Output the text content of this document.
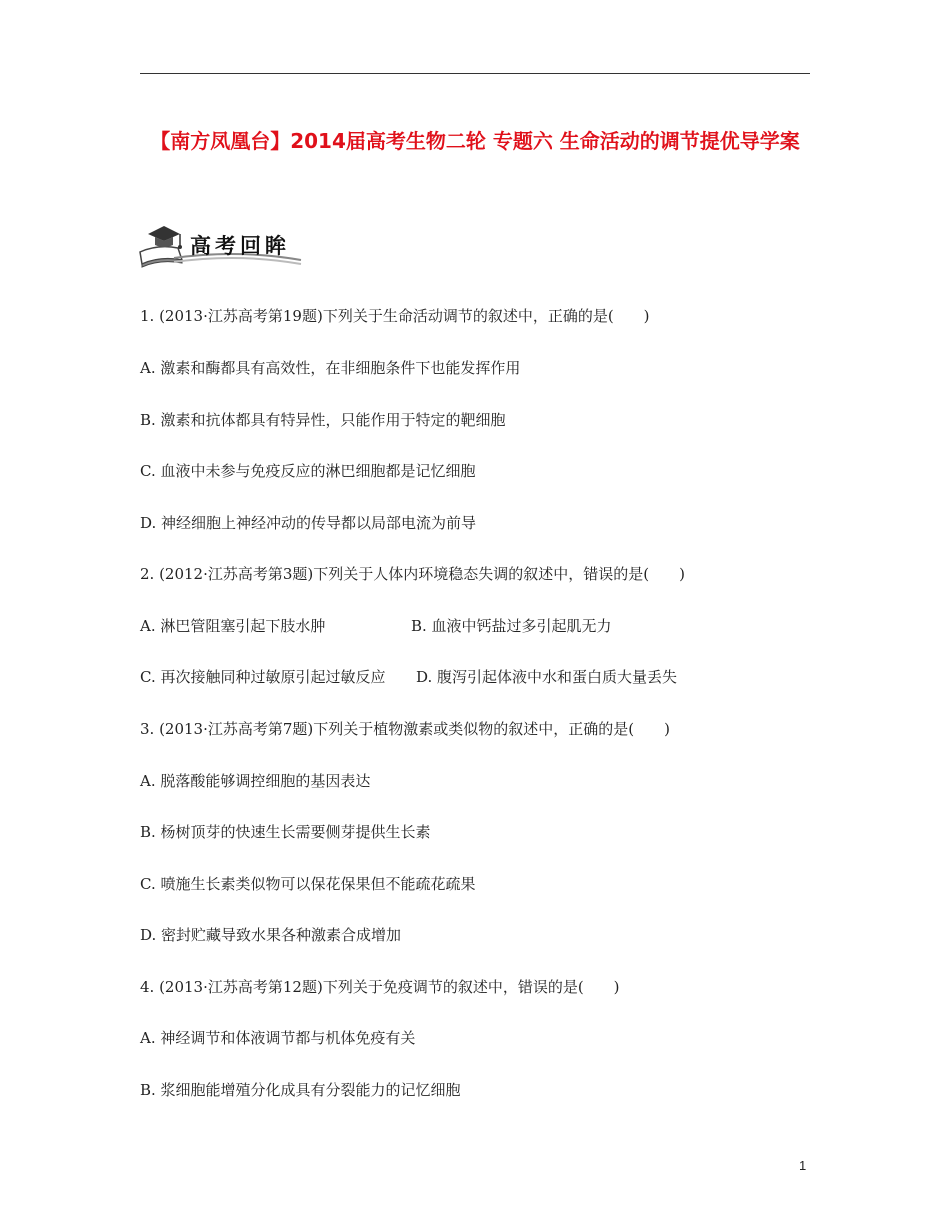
【南方凤凰台】2014届高考生物二轮 专题六 生命活动的调节提优导学案
高考回眸
1. (2013·江苏高考第19题)下列关于生命活动调节的叙述中，正确的是(　　)
A. 激素和酶都具有高效性，在非细胞条件下也能发挥作用
B. 激素和抗体都具有特异性，只能作用于特定的靶细胞
C. 血液中未参与免疫反应的淋巴细胞都是记忆细胞
D. 神经细胞上神经冲动的传导都以局部电流为前导
2. (2012·江苏高考第3题)下列关于人体内环境稳态失调的叙述中，错误的是(　　)
A. 淋巴管阻塞引起下肢水肿	B. 血液中钙盐过多引起肌无力
C. 再次接触同种过敏原引起过敏反应 D. 腹泻引起体液中水和蛋白质大量丢失
3. (2013·江苏高考第7题)下列关于植物激素或类似物的叙述中，正确的是(　　)
A. 脱落酸能够调控细胞的基因表达
B. 杨树顶芽的快速生长需要侧芽提供生长素
C. 喷施生长素类似物可以保花保果但不能疏花疏果
D. 密封贮藏导致水果各种激素合成增加
4. (2013·江苏高考第12题)下列关于免疫调节的叙述中，错误的是(　　)
A. 神经调节和体液调节都与机体免疫有关
B. 浆细胞能增殖分化成具有分裂能力的记忆细胞
1
